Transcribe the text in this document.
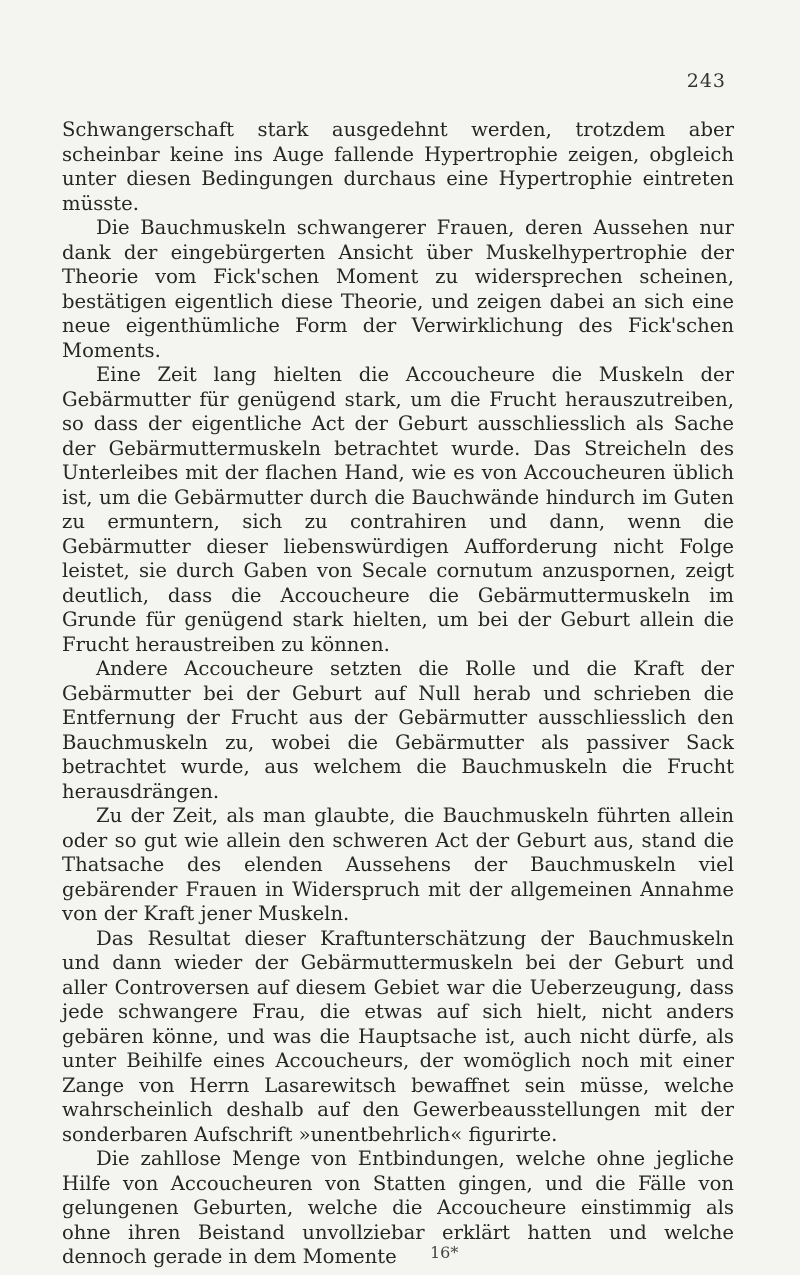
243

Schwangerschaft stark ausgedehnt werden, trotzdem aber scheinbar keine ins Auge fallende Hypertrophie zeigen, obgleich unter diesen Bedingungen durchaus eine Hypertrophie eintreten müsste.

Die Bauchmuskeln schwangerer Frauen, deren Aussehen nur dank der eingebürgerten Ansicht über Muskelhypertrophie der Theorie vom Fick'schen Moment zu widersprechen scheinen, bestätigen eigentlich diese Theorie, und zeigen dabei an sich eine neue eigenthümliche Form der Verwirklichung des Fick'schen Moments.

Eine Zeit lang hielten die Accoucheure die Muskeln der Gebärmutter für genügend stark, um die Frucht herauszutreiben, so dass der eigentliche Act der Geburt ausschliesslich als Sache der Gebärmuttermuskeln betrachtet wurde. Das Streicheln des Unterleibes mit der flachen Hand, wie es von Accoucheuren üblich ist, um die Gebärmutter durch die Bauchwände hindurch im Guten zu ermuntern, sich zu contrahiren und dann, wenn die Gebärmutter dieser liebenswürdigen Aufforderung nicht Folge leistet, sie durch Gaben von Secale cornutum anzuspornen, zeigt deutlich, dass die Accoucheure die Gebärmuttermuskeln im Grunde für genügend stark hielten, um bei der Geburt allein die Frucht heraustreiben zu können.

Andere Accoucheure setzten die Rolle und die Kraft der Gebärmutter bei der Geburt auf Null herab und schrieben die Entfernung der Frucht aus der Gebärmutter ausschliesslich den Bauchmuskeln zu, wobei die Gebärmutter als passiver Sack betrachtet wurde, aus welchem die Bauchmuskeln die Frucht herausdrängen.

Zu der Zeit, als man glaubte, die Bauchmuskeln führten allein oder so gut wie allein den schweren Act der Geburt aus, stand die Thatsache des elenden Aussehens der Bauchmuskeln viel gebärender Frauen in Widerspruch mit der allgemeinen Annahme von der Kraft jener Muskeln.

Das Resultat dieser Kraftunterschätzung der Bauchmuskeln und dann wieder der Gebärmuttermuskeln bei der Geburt und aller Controversen auf diesem Gebiet war die Ueberzeugung, dass jede schwangere Frau, die etwas auf sich hielt, nicht anders gebären könne, und was die Hauptsache ist, auch nicht dürfe, als unter Beihilfe eines Accoucheurs, der womöglich noch mit einer Zange von Herrn Lasarewitsch bewaffnet sein müsse, welche wahrscheinlich deshalb auf den Gewerbeausstellungen mit der sonderbaren Aufschrift »unentbehrlich« figurirte.

Die zahllose Menge von Entbindungen, welche ohne jegliche Hilfe von Accoucheuren von Statten gingen, und die Fälle von gelungenen Geburten, welche die Accoucheure einstimmig als ohne ihren Beistand unvollziebar erklärt hatten und welche dennoch gerade in dem Momente	16*
